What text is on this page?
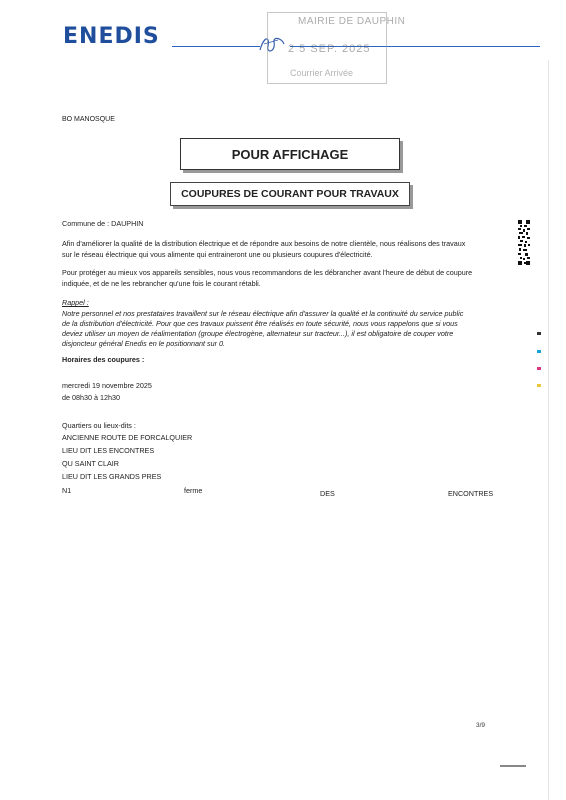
ENEDIS
MAIRIE DE DAUPHIN
2 5 SEP. 2025
Courrier Arrivée
BO MANOSQUE
POUR AFFICHAGE
COUPURES DE COURANT POUR TRAVAUX
Commune de : DAUPHIN
Afin d'améliorer la qualité de la distribution électrique et de répondre aux besoins de notre clientèle, nous réalisons des travaux
sur le réseau électrique qui vous alimente qui entraineront une ou plusieurs coupures d'électricité.
Pour protéger au mieux vos appareils sensibles, nous vous recommandons de les débrancher avant l'heure de début de coupure
indiquée, et de ne les rebrancher qu'une fois le courant rétabli.
Rappel :
Notre personnel et nos prestataires travaillent sur le réseau électrique afin d'assurer la qualité et la continuité du service public
de la distribution d'électricité. Pour que ces travaux puissent être réalisés en toute sécurité, nous vous rappelons que si vous
deviez utiliser un moyen de réalimentation (groupe électrogène, alternateur sur tracteur...), il est obligatoire de couper votre
disjoncteur général Enedis en le positionnant sur 0.
Horaires des coupures :
mercredi 19 novembre 2025
de 08h30 à 12h30
Quartiers ou lieux-dits :
ANCIENNE ROUTE DE FORCALQUIER
LIEU DIT LES ENCONTRES
QU SAINT CLAIR
LIEU DIT LES GRANDS PRES
N1	ferme	DES	ENCONTRES
3/9
